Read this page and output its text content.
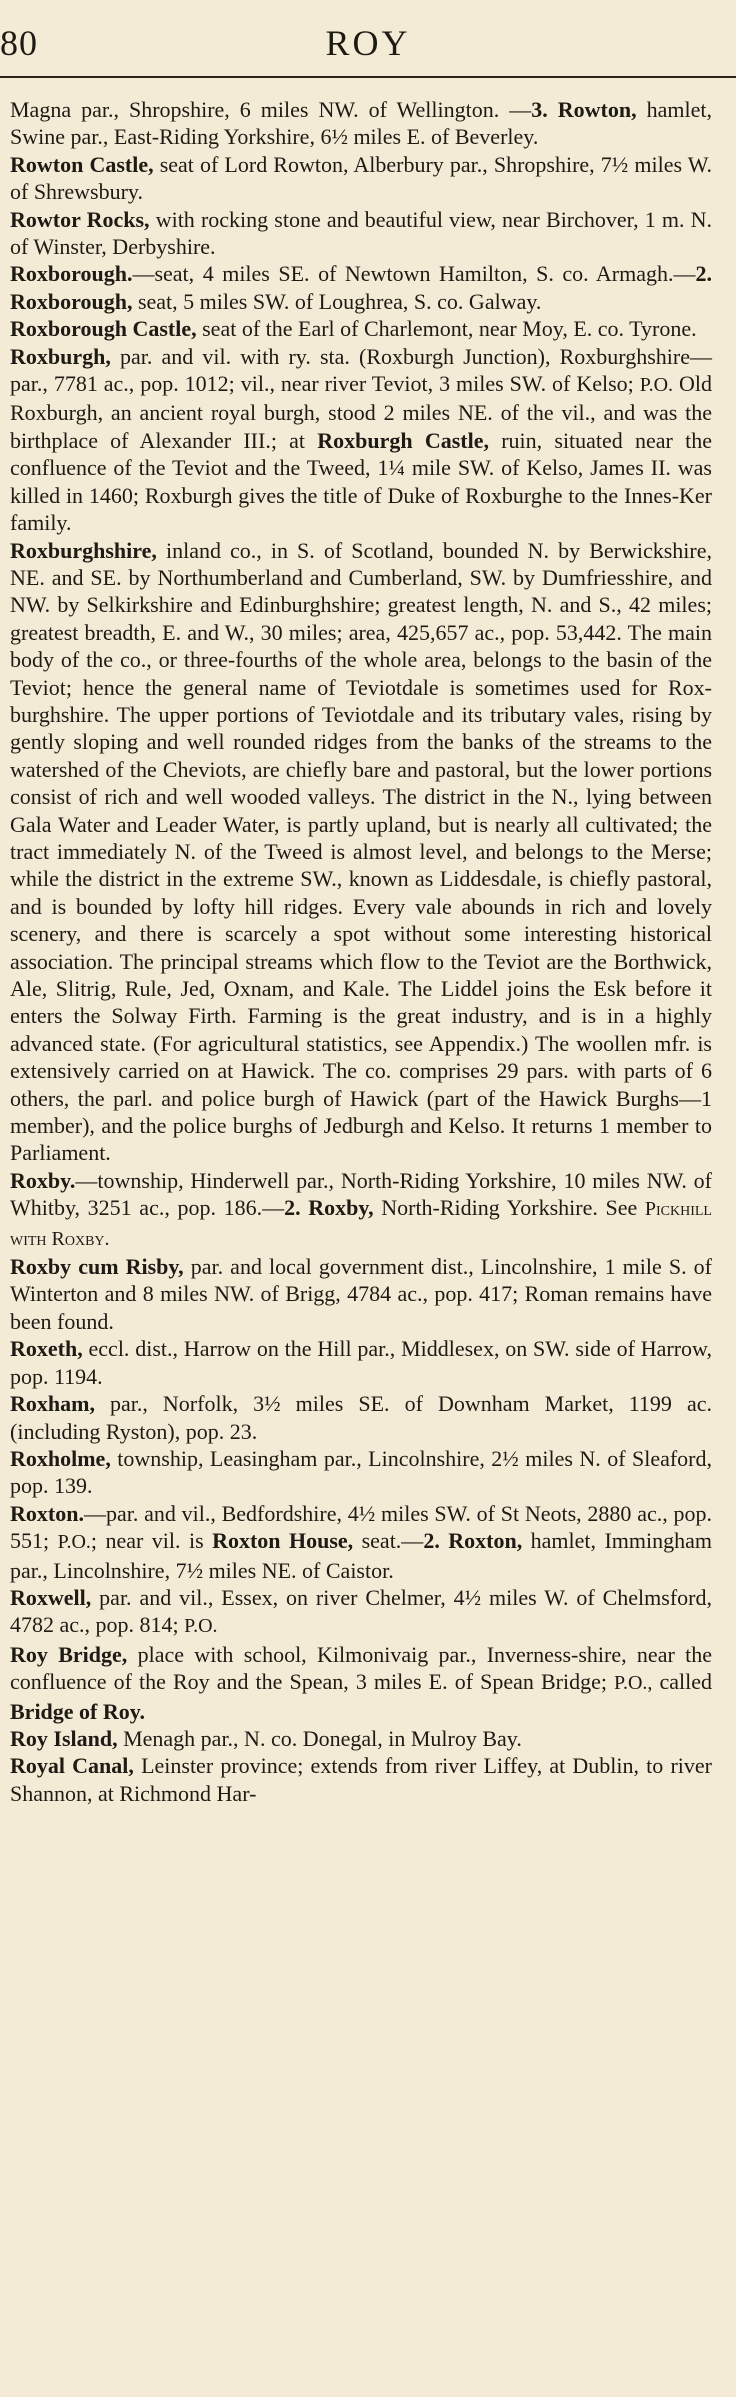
80	ROY

Magna par., Shropshire, 6 miles NW. of Wellington. —3. Rowton, hamlet, Swine par., East-Riding Yorkshire, 6½ miles E. of Beverley.

Rowton Castle, seat of Lord Rowton, Alberbury par., Shropshire, 7½ miles W. of Shrewsbury.

Rowtor Rocks, with rocking stone and beautiful view, near Birchover, 1 m. N. of Winster, Derbyshire.

Roxborough.—seat, 4 miles SE. of Newtown Hamilton, S. co. Armagh.—2. Roxborough, seat, 5 miles SW. of Loughrea, S. co. Galway.

Roxborough Castle, seat of the Earl of Charlemont, near Moy, E. co. Tyrone.

Roxburgh, par. and vil. with ry. sta. (Roxburgh Junction), Roxburghshire—par., 7781 ac., pop. 1012; vil., near river Teviot, 3 miles SW. of Kelso; P.O. Old Roxburgh, an ancient royal burgh, stood 2 miles NE. of the vil., and was the birthplace of Alexander III.; at Roxburgh Castle, ruin, situated near the confluence of the Teviot and the Tweed, 1¼ mile SW. of Kelso, James II. was killed in 1460; Roxburgh gives the title of Duke of Roxburghe to the Innes-Ker family.

Roxburghshire, inland co., in S. of Scotland, bounded N. by Berwickshire, NE. and SE. by Northumberland and Cumberland, SW. by Dumfriesshire, and NW. by Selkirkshire and Edinburghshire; greatest length, N. and S., 42 miles; greatest breadth, E. and W., 30 miles; area, 425,657 ac., pop. 53,442. The main body of the co., or three-fourths of the whole area, belongs to the basin of the Teviot; hence the general name of Teviotdale is sometimes used for Roxburghshire. The upper portions of Teviotdale and its tributary vales, rising by gently sloping and well rounded ridges from the banks of the streams to the watershed of the Cheviots, are chiefly bare and pastoral, but the lower portions consist of rich and well wooded valleys. The district in the N., lying between Gala Water and Leader Water, is partly upland, but is nearly all cultivated; the tract immediately N. of the Tweed is almost level, and belongs to the Merse; while the district in the extreme SW., known as Liddesdale, is chiefly pastoral, and is bounded by lofty hill ridges. Every vale abounds in rich and lovely scenery, and there is scarcely a spot without some interesting historical association. The principal streams which flow to the Teviot are the Borthwick, Ale, Slitrig, Rule, Jed, Oxnam, and Kale. The Liddel joins the Esk before it enters the Solway Firth. Farming is the great industry, and is in a highly advanced state. (For agricultural statistics, see Appendix.) The woollen mfr. is extensively carried on at Hawick. The co. comprises 29 pars. with parts of 6 others, the parl. and police burgh of Hawick (part of the Hawick Burghs—1 member), and the police burghs of Jedburgh and Kelso. It returns 1 member to Parliament.

Roxby.—township, Hinderwell par., North-Riding Yorkshire, 10 miles NW. of Whitby, 3251 ac., pop. 186.—2. Roxby, North-Riding Yorkshire. See Pickhill with Roxby.

Roxby cum Risby, par. and local government dist., Lincolnshire, 1 mile S. of Winterton and 8 miles NW. of Brigg, 4784 ac., pop. 417; Roman remains have been found.

Roxeth, eccl. dist., Harrow on the Hill par., Middlesex, on SW. side of Harrow, pop. 1194.

Roxham, par., Norfolk, 3½ miles SE. of Downham Market, 1199 ac. (including Ryston), pop. 23.

Roxholme, township, Leasingham par., Lincolnshire, 2½ miles N. of Sleaford, pop. 139.

Roxton.—par. and vil., Bedfordshire, 4½ miles SW. of St Neots, 2880 ac., pop. 551; P.O.; near vil. is Roxton House, seat.—2. Roxton, hamlet, Immingham par., Lincolnshire, 7½ miles NE. of Caistor.

Roxwell, par. and vil., Essex, on river Chelmer, 4½ miles W. of Chelmsford, 4782 ac., pop. 814; P.O.

Roy Bridge, place with school, Kilmonivaig par., Inverness-shire, near the confluence of the Roy and the Spean, 3 miles E. of Spean Bridge; P.O., called Bridge of Roy.

Roy Island, Menagh par., N. co. Donegal, in Mulroy Bay.

Royal Canal, Leinster province; extends from river Liffey, at Dublin, to river Shannon, at Richmond Har-
